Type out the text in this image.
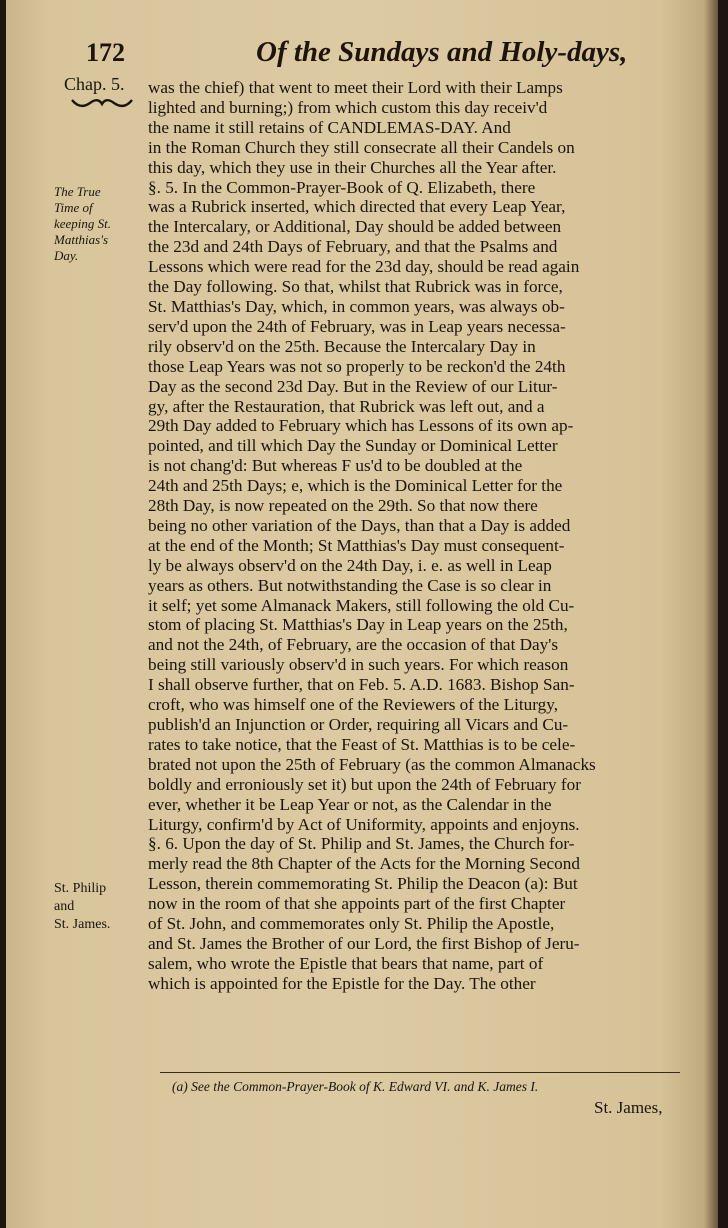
172	Of the Sundays and Holy-days,
Chap. 5.
The True
Time of
keeping St.
Matthias's
Day.
St. Philip
and
St. James.
was the chief) that went to meet their Lord with their Lamps
lighted and burning;) from which custom this day receiv'd
the name it still retains of CANDLEMAS-DAY. And
in the Roman Church they still consecrate all their Candels on
this day, which they use in their Churches all the Year after.
§. 5. In the Common-Prayer-Book of Q. Elizabeth, there
was a Rubrick inserted, which directed that every Leap Year,
the Intercalary, or Additional, Day should be added between
the 23d and 24th Days of February, and that the Psalms and
Lessons which were read for the 23d day, should be read again
the Day following. So that, whilst that Rubrick was in force,
St. Matthias's Day, which, in common years, was always ob-
serv'd upon the 24th of February, was in Leap years necessa-
rily observ'd on the 25th. Because the Intercalary Day in
those Leap Years was not so properly to be reckon'd the 24th
Day as the second 23d Day. But in the Review of our Litur-
gy, after the Restauration, that Rubrick was left out, and a
29th Day added to February which has Lessons of its own ap-
pointed, and till which Day the Sunday or Dominical Letter
is not chang'd: But whereas F us'd to be doubled at the
24th and 25th Days; e, which is the Dominical Letter for the
28th Day, is now repeated on the 29th. So that now there
being no other variation of the Days, than that a Day is added
at the end of the Month; St Matthias's Day must consequent-
ly be always observ'd on the 24th Day, i. e. as well in Leap
years as others. But notwithstanding the Case is so clear in
it self; yet some Almanack Makers, still following the old Cu-
stom of placing St. Matthias's Day in Leap years on the 25th,
and not the 24th, of February, are the occasion of that Day's
being still variously observ'd in such years. For which reason
I shall observe further, that on Feb. 5. A.D. 1683. Bishop San-
croft, who was himself one of the Reviewers of the Liturgy,
publish'd an Injunction or Order, requiring all Vicars and Cu-
rates to take notice, that the Feast of St. Matthias is to be cele-
brated not upon the 25th of February (as the common Almanacks
boldly and erroniously set it) but upon the 24th of February for
ever, whether it be Leap Year or not, as the Calendar in the
Liturgy, confirm'd by Act of Uniformity, appoints and enjoyns.
§. 6. Upon the day of St. Philip and St. James, the Church for-
merly read the 8th Chapter of the Acts for the Morning Second
Lesson, therein commemorating St. Philip the Deacon (a): But
now in the room of that she appoints part of the first Chapter
of St. John, and commemorates only St. Philip the Apostle,
and St. James the Brother of our Lord, the first Bishop of Jeru-
salem, who wrote the Epistle that bears that name, part of
which is appointed for the Epistle for the Day. The other
(a) See the Common-Prayer-Book of K. Edward VI. and K. James I.
St. James,
